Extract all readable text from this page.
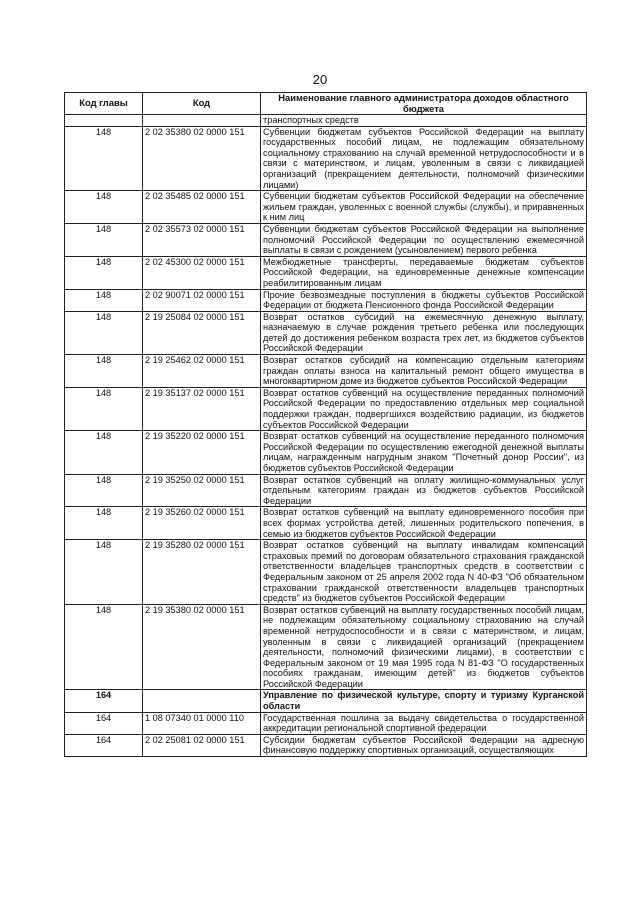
20
Код главы	Код	Наименование главного администратора доходов областного бюджета
		транспортных средств
148	2 02 35380 02 0000 151	Субвенции бюджетам субъектов Российской Федерации на выплату государственных пособий лицам, не подлежащим обязательному социальному страхованию на случай временной нетрудоспособности и в связи с материнством, и лицам, уволенным в связи с ликвидацией организаций (прекращением деятельности, полномочий физическими лицами)
148	2 02 35485 02 0000 151	Субвенции бюджетам субъектов Российской Федерации на обеспечение жильем граждан, уволенных с военной службы (службы), и приравненных к ним лиц
148	2 02 35573 02 0000 151	Субвенции бюджетам субъектов Российской Федерации на выполнение полномочий Российской Федерации по осуществлению ежемесячной выплаты в связи с рождением (усыновлением) первого ребенка
148	2 02 45300 02 0000 151	Межбюджетные трансферты, передаваемые бюджетам субъектов Российской Федерации, на единовременные денежные компенсации реабилитированным лицам
148	2 02 90071 02 0000 151	Прочие безвозмездные поступления в бюджеты субъектов Российской Федерации от бюджета Пенсионного фонда Российской Федерации
148	2 19 25084 02 0000 151	Возврат остатков субсидий на ежемесячную денежную выплату, назначаемую в случае рождения третьего ребенка или последующих детей до достижения ребенком возраста трех лет, из бюджетов субъектов Российской Федерации
148	2 19 25462 02 0000 151	Возврат остатков субсидий на компенсацию отдельным категориям граждан оплаты взноса на капитальный ремонт общего имущества в многоквартирном доме из бюджетов субъектов Российской Федерации
148	2 19 35137 02 0000 151	Возврат остатков субвенций на осуществление переданных полномочий Российской Федерации по предоставлению отдельных мер социальной поддержки граждан, подвергшихся воздействию радиации, из бюджетов субъектов Российской Федерации
148	2 19 35220 02 0000 151	Возврат остатков субвенций на осуществление переданного полномочия Российской Федерации по осуществлению ежегодной денежной выплаты лицам, награжденным нагрудным знаком "Почетный донор России", из бюджетов субъектов Российской Федерации
148	2 19 35250 02 0000 151	Возврат остатков субвенций на оплату жилищно-коммунальных услуг отдельным категориям граждан из бюджетов субъектов Российской Федерации
148	2 19 35260 02 0000 151	Возврат остатков субвенций на выплату единовременного пособия при всех формах устройства детей, лишенных родительского попечения, в семью из бюджетов субъектов Российской Федерации
148	2 19 35280 02 0000 151	Возврат остатков субвенций на выплату инвалидам компенсаций страховых премий по договорам обязательного страхования гражданской ответственности владельцев транспортных средств в соответствии с Федеральным законом от 25 апреля 2002 года N 40-ФЗ "Об обязательном страховании гражданской ответственности владельцев транспортных средств" из бюджетов субъектов Российской Федерации
148	2 19 35380 02 0000 151	Возврат остатков субвенций на выплату государственных пособий лицам, не подлежащим обязательному социальному страхованию на случай временной нетрудоспособности и в связи с материнством, и лицам, уволенным в связи с ликвидацией организаций (прекращением деятельности, полномочий физическими лицами), в соответствии с Федеральным законом от 19 мая 1995 года N 81-ФЗ "О государственных пособиях гражданам, имеющим детей" из бюджетов субъектов Российской Федерации
164		Управление по физической культуре, спорту и туризму Курганской области
164	1 08 07340 01 0000 110	Государственная пошлина за выдачу свидетельства о государственной аккредитации региональной спортивной федерации
164	2 02 25081 02 0000 151	Субсидии бюджетам субъектов Российской Федерации на адресную финансовую поддержку спортивных организаций, осуществляющих
